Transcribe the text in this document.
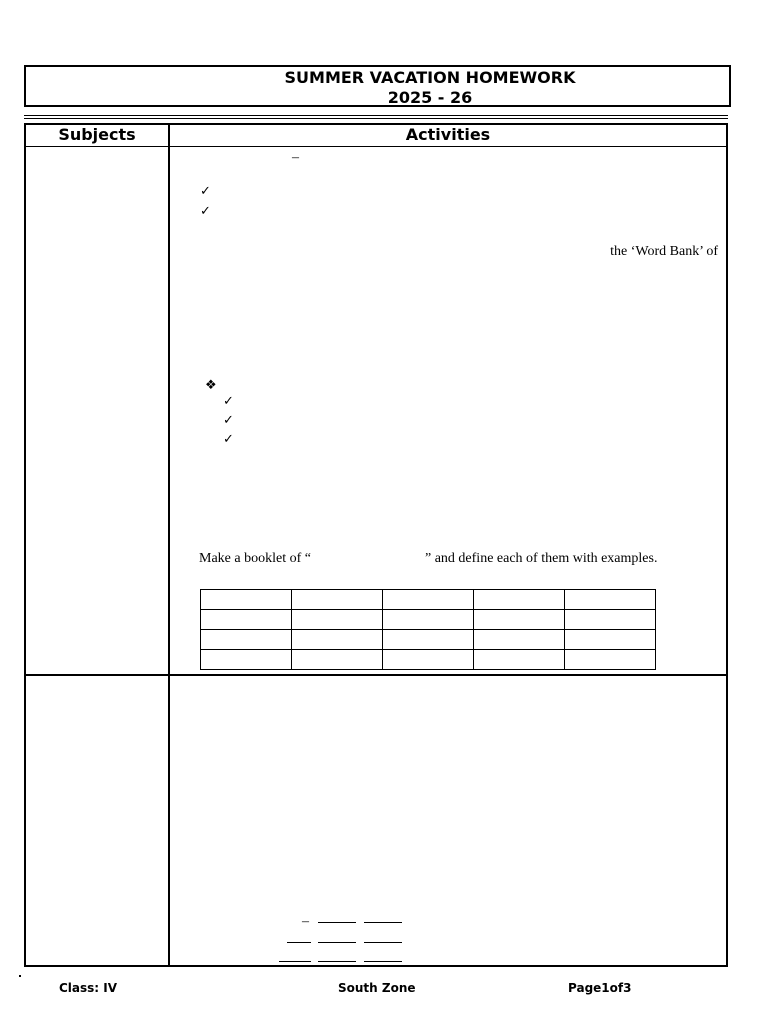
SUMMER VACATION HOMEWORK
2025 - 26
Subjects	Activities
–
✓
✓
the ‘Word Bank’ of
❖
✓
✓
✓
Make a booklet of “	” and define each of them with examples.

–
Class: IV	South Zone	Page1of3
